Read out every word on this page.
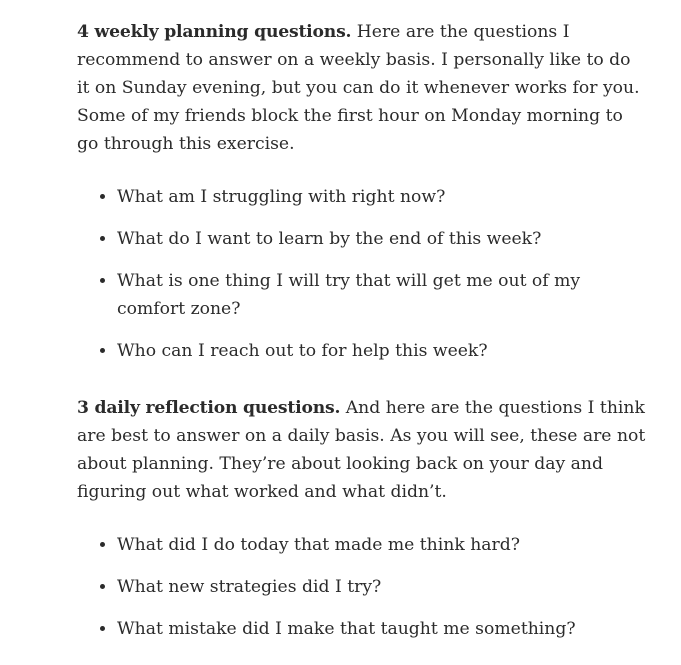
4 weekly planning questions. Here are the questions I recommend to answer on a weekly basis. I personally like to do it on Sunday evening, but you can do it whenever works for you. Some of my friends block the first hour on Monday morning to go through this exercise.

• What am I struggling with right now?
• What do I want to learn by the end of this week?
• What is one thing I will try that will get me out of my comfort zone?
• Who can I reach out to for help this week?

3 daily reflection questions. And here are the questions I think are best to answer on a daily basis. As you will see, these are not about planning. They’re about looking back on your day and figuring out what worked and what didn’t.

• What did I do today that made me think hard?
• What new strategies did I try?
• What mistake did I make that taught me something?
